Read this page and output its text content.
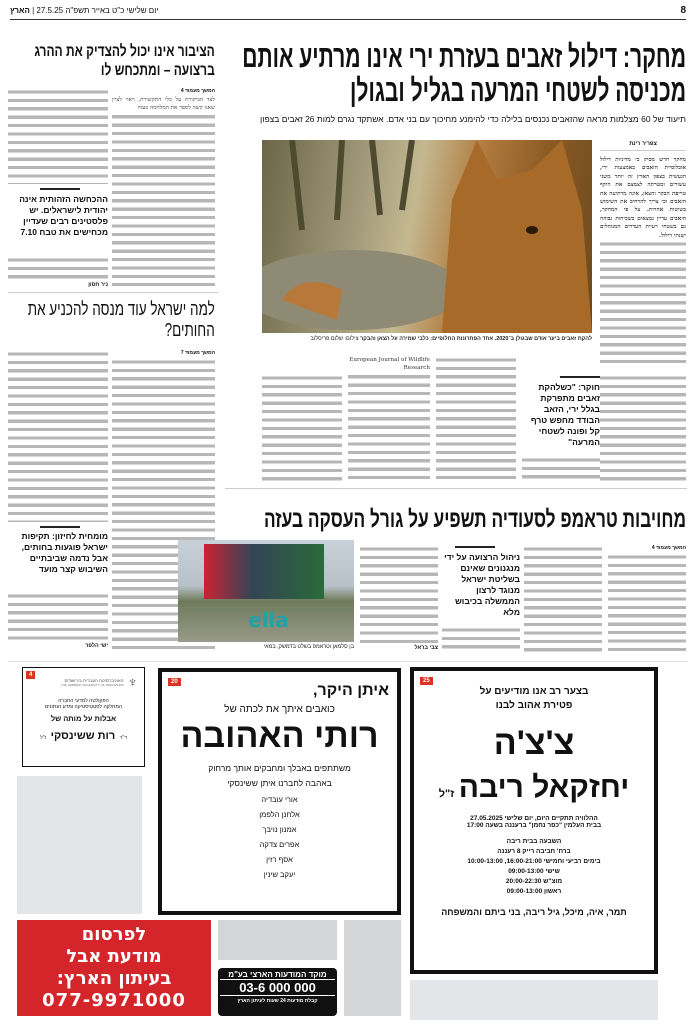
8
יום שלישי כ"ט באייר תשפ"ה 27.5.25 | הארץ
מחקר: דילול זאבים בעזרת ירי אינו מרתיע אותם מכניסה לשטחי המרעה בגליל ובגולן
תיעוד של 60 מצלמות מראה שהזאבים נכנסים בלילה כדי להימנע מחיכוך עם בני אדם. אשתקד נגרם למות 26 זאבים בצפון
צפריר רינת
מחקר חדש מסיק כי מדיניות דילול אוכלוסיית הזאבים באמצעות ירי, הנעשית בצפון הארץ זה יותר משני עשורים ומטרתה לצמצם את היקף טריפת הבקר והצאן, אינה מרתיעה את הזאבים וכי צריך להרחיב את השימוש בשיטות אחרות. על פי המחקר, הזאבים עדיין נמצאים בשכיחות גבוהה גם בשטחי רעיית העדרים המנוהלים ישנתי דילול.
להקת זאבים ביער אודם שבגולן ב־2020. אחד הפתרונות החלופיים: כלבי שמירה על הצאן והבקר צילום: שלום פריסלוב
European Journal of Wildlife Research
חוקר: "כשלהקת זאבים מתפרקת בגלל ירי, הזאב הבודד מחפש טרף קל ופונה לשטחי המרעה"
הציבור אינו יכול להצדיק את ההרג ברצועה – ומתכחש לו
המשך מעמוד 4
לצד הביקורת על כלי התקשורת, ראוי לציין שאנו קשה לספר את המלחמה בעזה
ההכחשה הזהותית אינה יהודית לישראלים. יש פלסטינים רבים שעדיין מכחישים את טבח 7.10
ניר חסון
למה ישראל עוד מנסה להכניע את החותים?
המשך מעמוד 7
מומחית לחיזון: תקיפות ישראל פוגעות בחותים, אבל נדמה שביבתיים השיבוש קצר מועד
ישי הלפר
מחויבות טראמפ לסעודיה תשפיע על גורל העסקה בעזה
המשך מעמוד 4
ניהול הרצועה על ידי מנגנונים שאינם בשליטת ישראל מנוגד לרצון הממשלה בכיבוש מלא
צבי בראל
ella
בן סלמאן וטראמפ בשלט בדמשק, במאי
25
בצער רב אנו מודיעים על
פטירת אהוב לבנו
צ'צ'ה
יחזקאל ריבה ז"ל
ההלוויה תתקיים היום, יום שלישי 27.05.2025
בבית העלמין "כפר נחמן" ברעננה בשעה 17:00
השבעה בבית ריבה
ברח' חביבה רייק 8 רעננה
בימים רביעי וחמישי 16:00-21:00, 10:00-13:00
שישי 09:00-13:00
מוצ"ש 20:00-22:30
ראשון 09:00-13:00
תמר, איה, מיכל, גיל ריבה, בני ביתם והמשפחה
20	איתן היקר,
כואבים איתך את לכתה של
רותי האהובה
משתתפים באבלך ומחבקים אותך מרחוק
באהבה לחברנו איתן ששינסקי
אורי עובדיה
אלחנן הלפמן
אמנון נויבך
אפרים צדקה
אסף רזין
יעקב שינין
4	♆
האוניברסיטה העברית בירושלים
THE HEBREW UNIVERSITY OF JERUSALEM
הפקולטה למדעי החברה
המחלקה לסטטיסטיקה ומדע הנתונים
אבלות על מותה של
ד"ר רות ששינסקי ז"ל
לפרסום
מודעת אבל
בעיתון הארץ:
077-9971000
מוקד המודעות הארצי בע"מ
03-6 000 000
קבלת מודעות 24 שעות לעיתון הארץ
